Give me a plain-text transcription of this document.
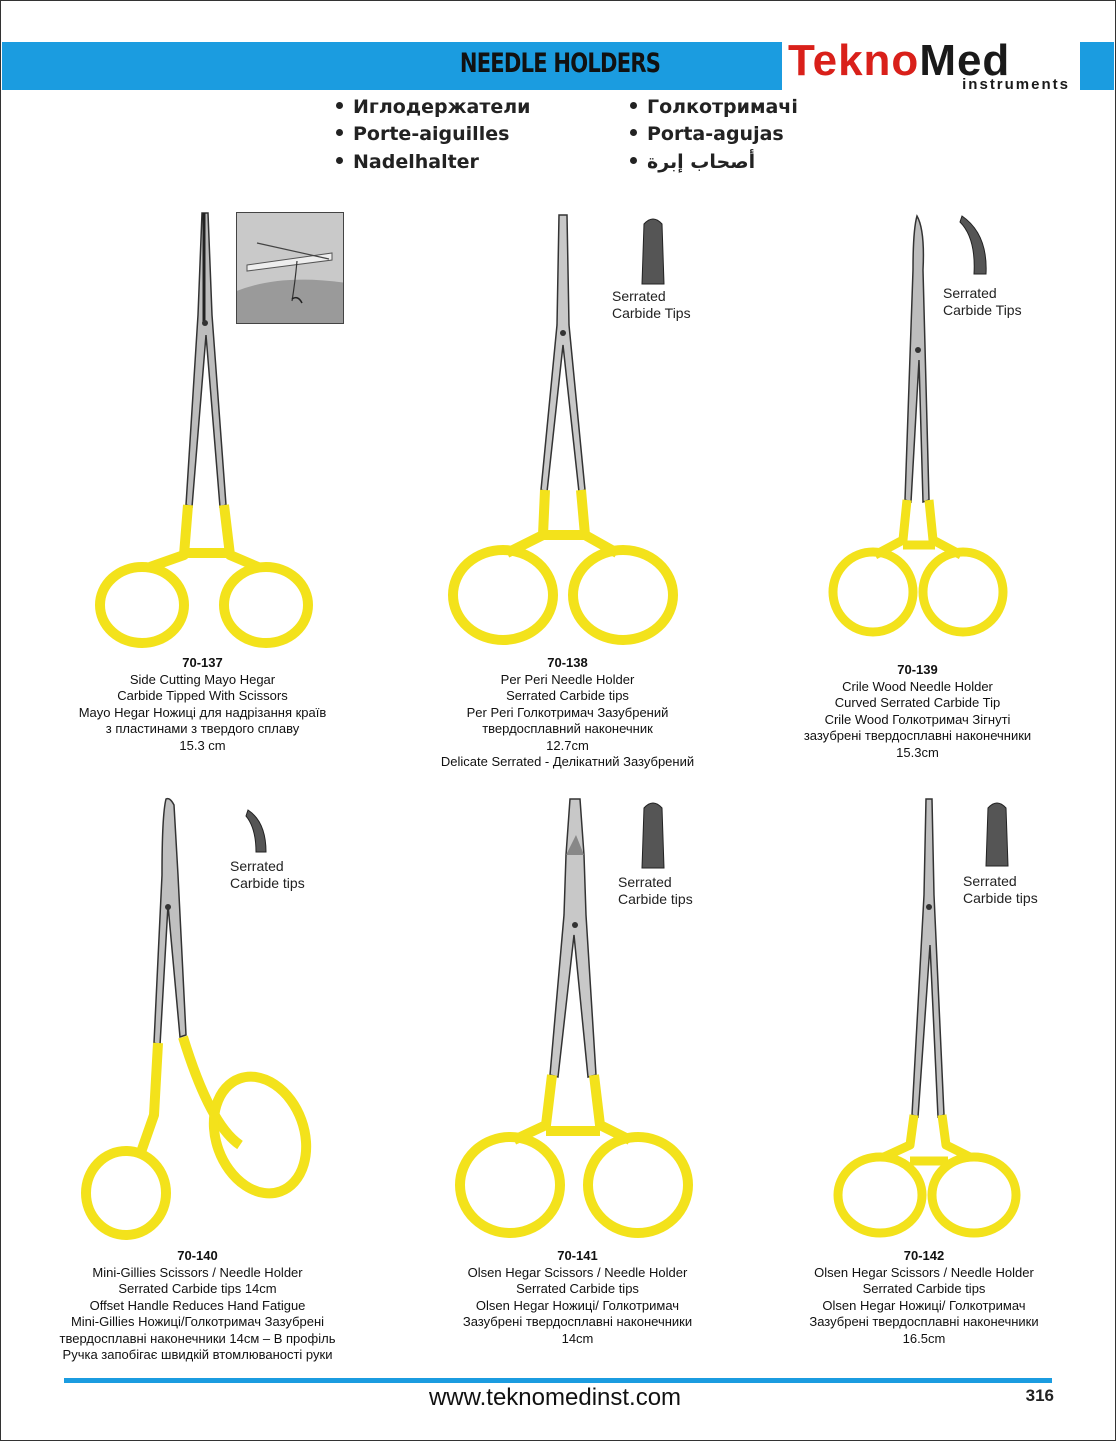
NEEDLE HOLDERS	TeknoMed
instruments
Иглодержатели
Porte-aiguilles
Nadelhalter
Голкотримачі
Porta-agujas
أصحاب إبرة
Serrated
Carbide Tips
Serrated
Carbide Tips
Serrated
Carbide tips	Serrated
Carbide tips
Serrated
Carbide tips
70-137
Side Cutting Mayo Hegar
Carbide Tipped With Scissors
Mayo Hegar Ножиці для надрізання країв
з пластинами з твердого сплаву
15.3 cm
70-138
Per Peri Needle Holder
Serrated Carbide tips
Per Peri Голкотримач Зазубрений
твердосплавний наконечник
12.7cm
Delicate Serrated - Делікатний Зазубрений
70-139
Crile Wood Needle Holder
Curved Serrated Carbide Tip
Crile Wood Голкотримач Зігнуті
зазубрені твердосплавні наконечники
15.3cm
70-140
Mini-Gillies Scissors / Needle Holder
Serrated Carbide tips 14cm
Offset Handle Reduces Hand Fatigue
Mini-Gillies Ножиці/Голкотримач Зазубрені
твердосплавні наконечники 14см – В профіль
Ручка запобігає швидкій втомлюваності руки
70-141
Olsen Hegar Scissors / Needle Holder
Serrated Carbide tips
Olsen Hegar Ножиці/ Голкотримач
Зазубрені твердосплавні наконечники
14cm
70-142
Olsen Hegar Scissors / Needle Holder
Serrated Carbide tips
Olsen Hegar Ножиці/ Голкотримач
Зазубрені твердосплавні наконечники
16.5cm
www.teknomedinst.com	316
